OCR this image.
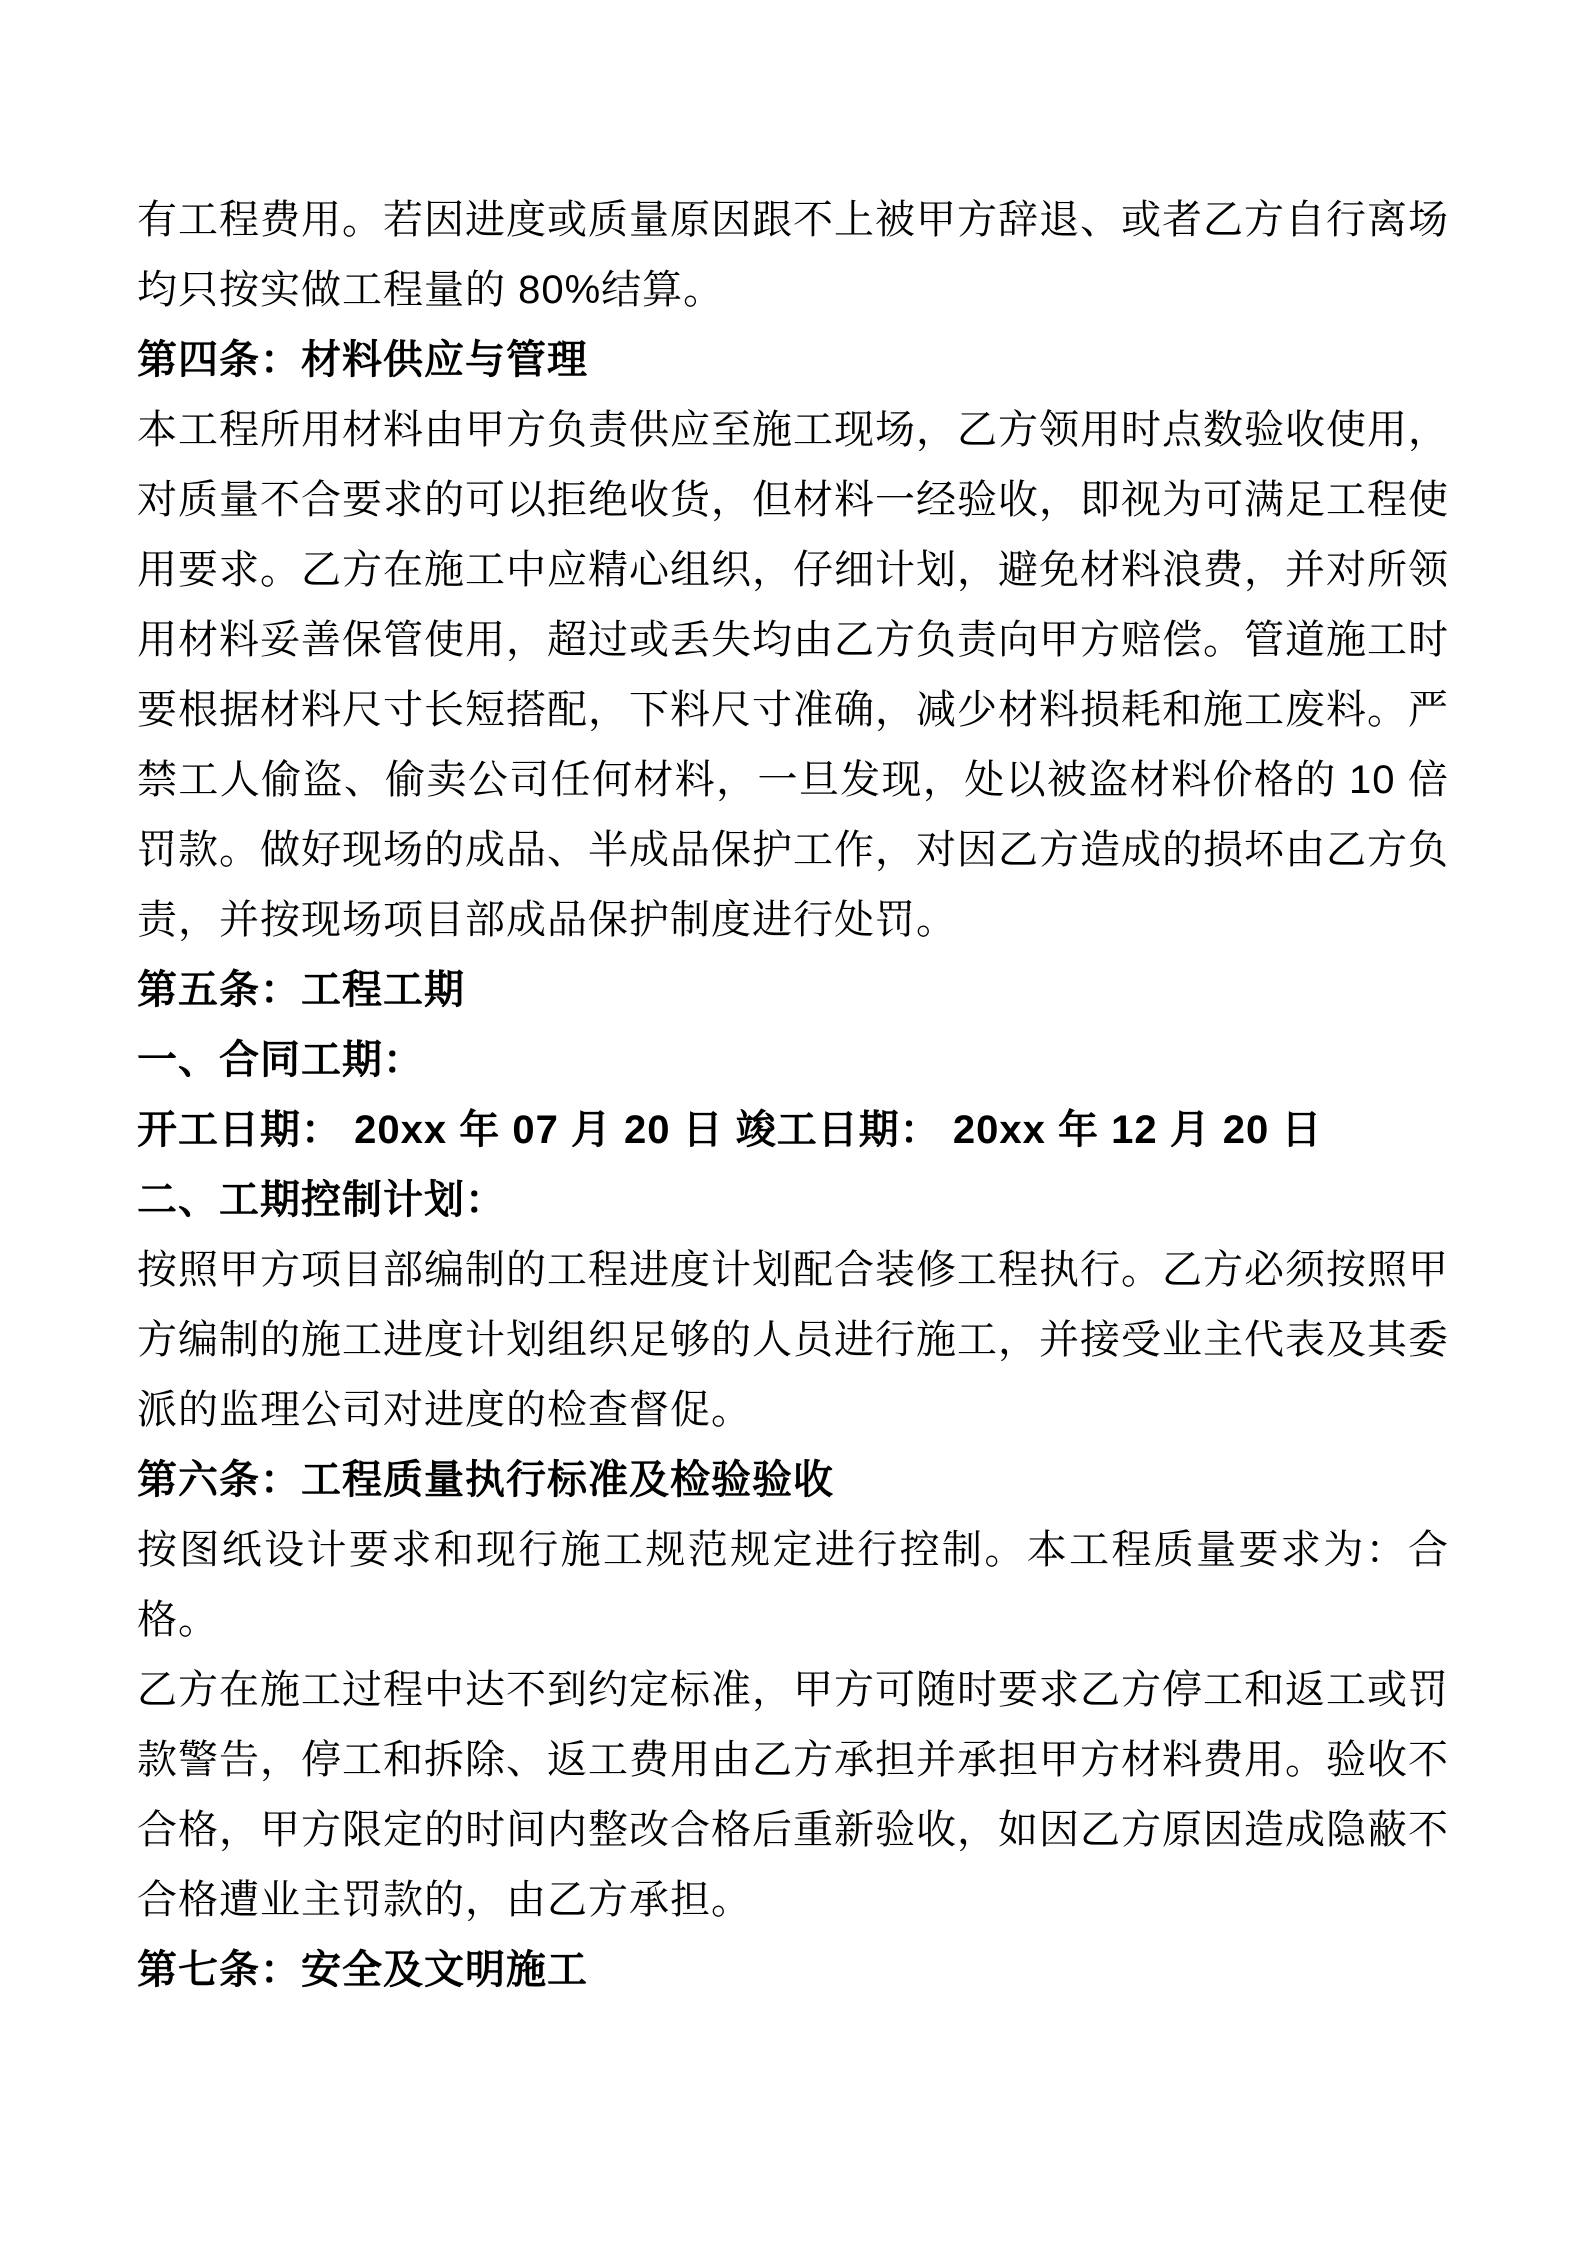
有工程费用。若因进度或质量原因跟不上被甲方辞退、或者乙方自行离场均只按实做工程量的 80%结算。

第四条：材料供应与管理

本工程所用材料由甲方负责供应至施工现场，乙方领用时点数验收使用，对质量不合要求的可以拒绝收货，但材料一经验收，即视为可满足工程使用要求。乙方在施工中应精心组织，仔细计划，避免材料浪费，并对所领用材料妥善保管使用，超过或丢失均由乙方负责向甲方赔偿。管道施工时要根据材料尺寸长短搭配，下料尺寸准确，减少材料损耗和施工废料。严禁工人偷盗、偷卖公司任何材料，一旦发现，处以被盗材料价格的 10 倍罚款。做好现场的成品、半成品保护工作，对因乙方造成的损坏由乙方负责，并按现场项目部成品保护制度进行处罚。

第五条：工程工期

一、合同工期：

开工日期： 20xx 年 07 月 20 日 竣工日期： 20xx 年 12 月 20 日

二、工期控制计划：

按照甲方项目部编制的工程进度计划配合装修工程执行。乙方必须按照甲方编制的施工进度计划组织足够的人员进行施工，并接受业主代表及其委派的监理公司对进度的检查督促。

第六条：工程质量执行标准及检验验收

按图纸设计要求和现行施工规范规定进行控制。本工程质量要求为：合格。

乙方在施工过程中达不到约定标准，甲方可随时要求乙方停工和返工或罚款警告，停工和拆除、返工费用由乙方承担并承担甲方材料费用。验收不合格，甲方限定的时间内整改合格后重新验收，如因乙方原因造成隐蔽不合格遭业主罚款的，由乙方承担。

第七条：安全及文明施工
